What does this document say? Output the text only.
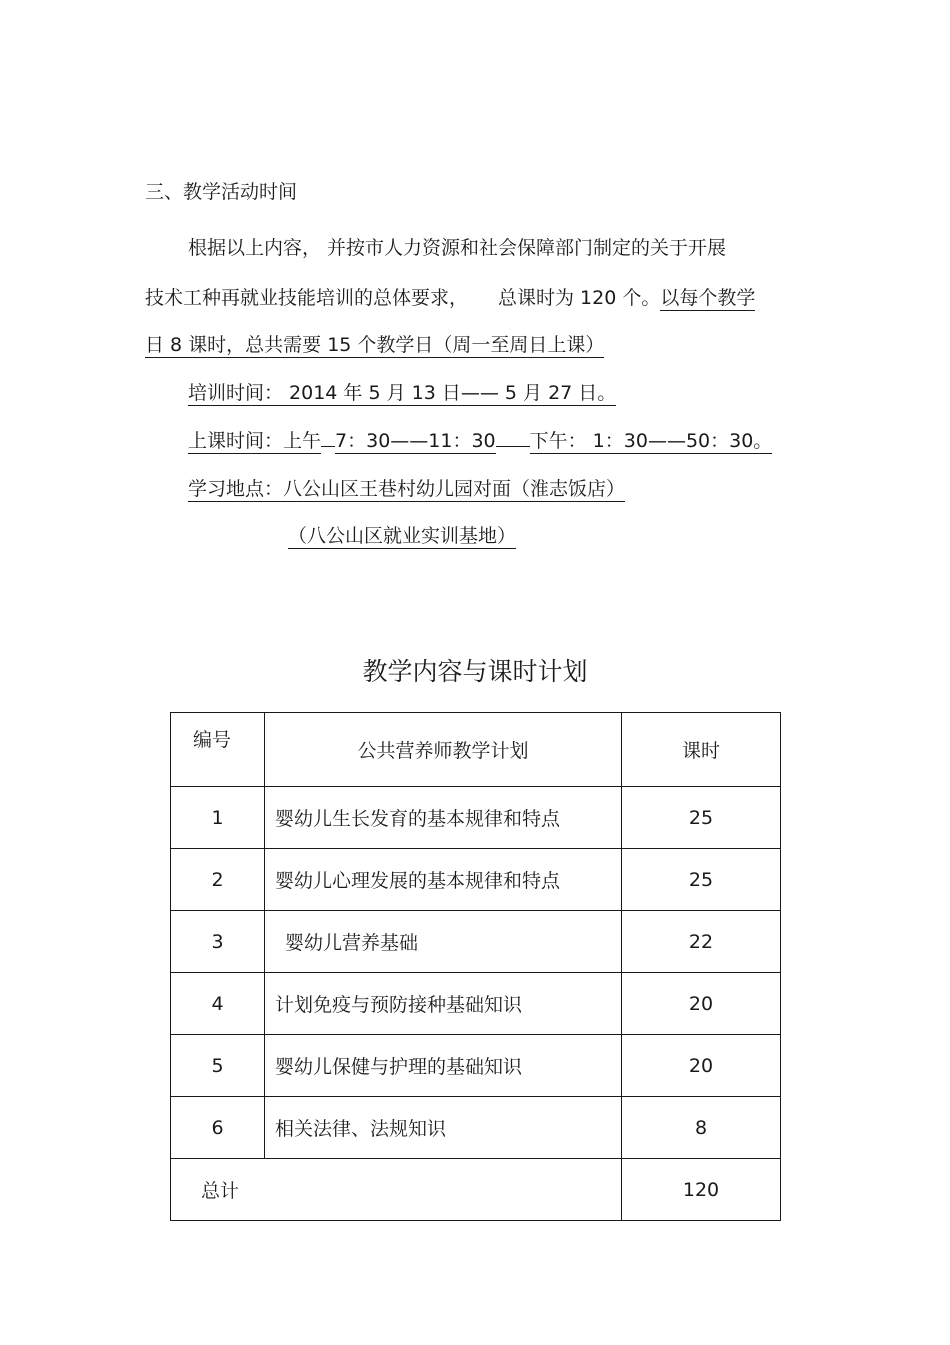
三、教学活动时间
根据以上内容， 并按市人力资源和社会保障部门制定的关于开展
技术工种再就业技能培训的总体要求， 总课时为 120 个。以每个教学
日 8 课时，总共需要 15 个教学日（周一至周日上课）
培训时间： 2014 年 5 月 13 日—— 5 月 27 日。
上课时间：上午 7：30——11：30 下午： 1：30——50：30。
学习地点：八公山区王巷村幼儿园对面（淮志饭店）
（八公山区就业实训基地）
教学内容与课时计划
编号	公共营养师教学计划	课时
1	婴幼儿生长发育的基本规律和特点	25
2	婴幼儿心理发展的基本规律和特点	25
3	婴幼儿营养基础	22
4	计划免疫与预防接种基础知识	20
5	婴幼儿保健与护理的基础知识	20
6	相关法律、法规知识	8
总计		120
